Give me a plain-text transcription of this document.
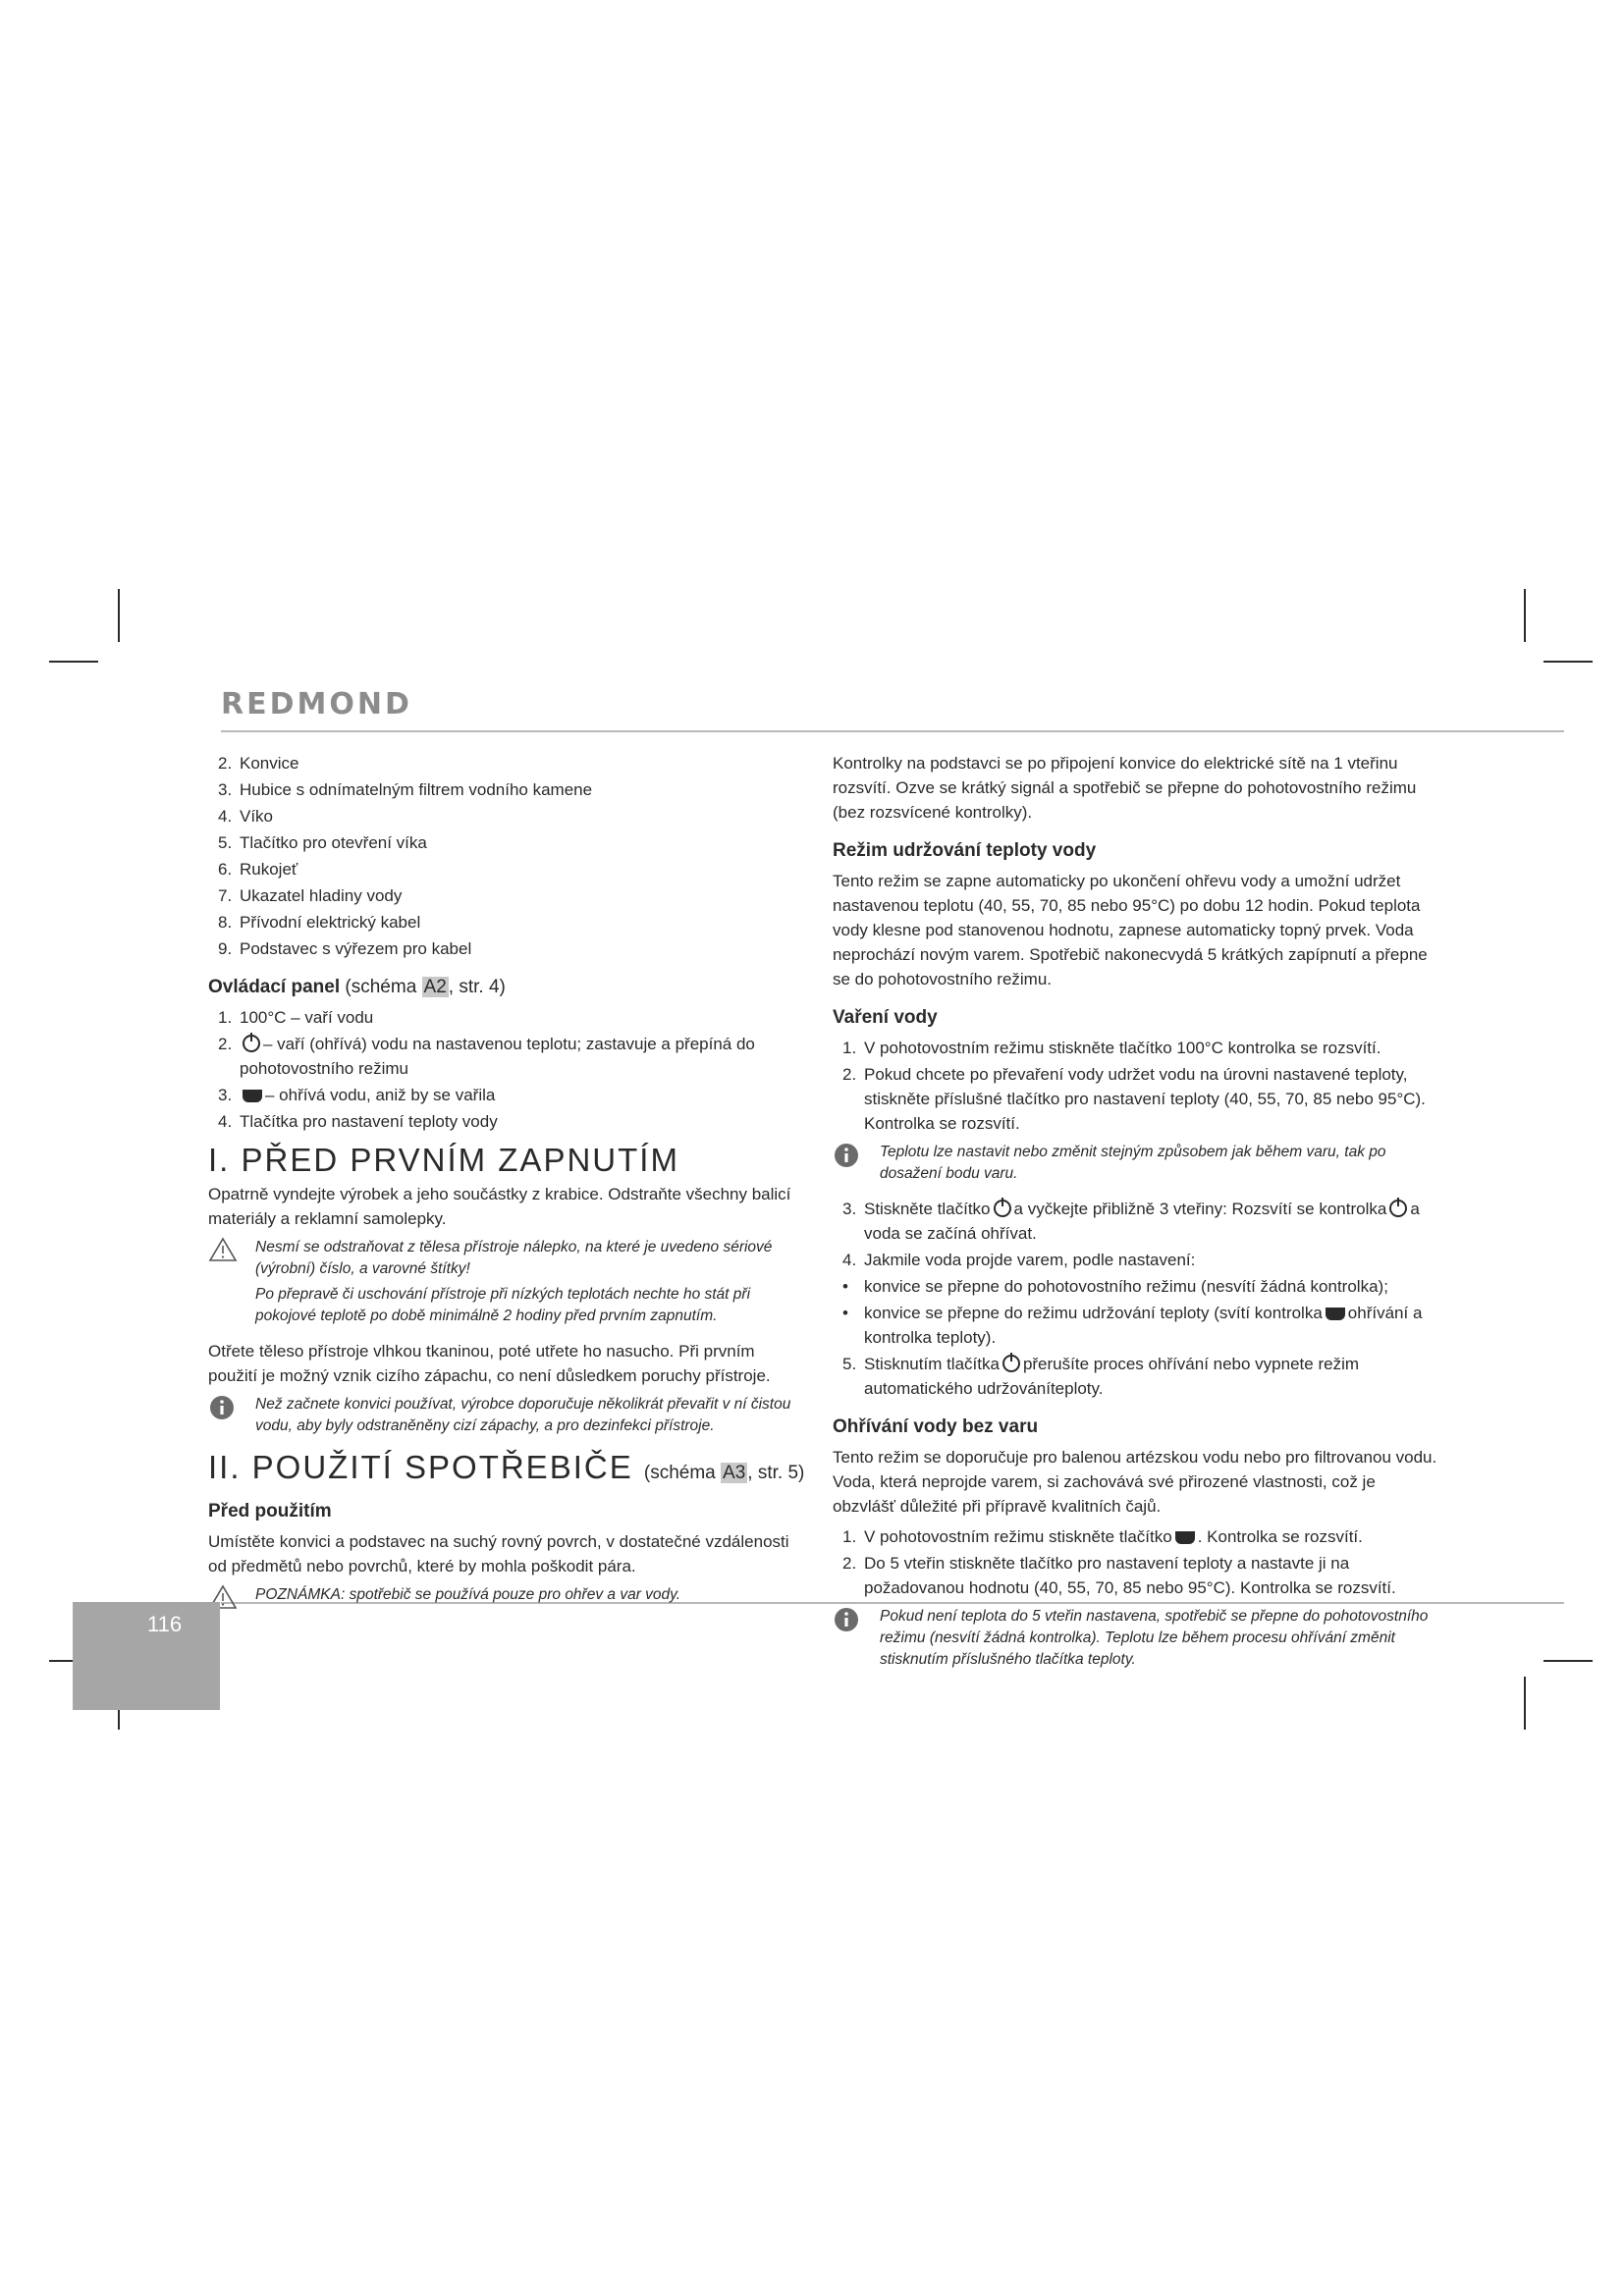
REDMOND
2. Konvice
3. Hubice s odnímatelným filtrem vodního kamene
4. Víko
5. Tlačítko pro otevření víka
6. Rukojeť
7. Ukazatel hladiny vody
8. Přívodní elektrický kabel
9. Podstavec s výřezem pro kabel
Ovládací panel (schéma A2 , str. 4)
1. 100°C – vaří vodu
2.	– vaří (ohřívá) vodu na nastavenou teplotu; zastavuje a přepíná do pohotovostního režimu
3.	– ohřívá vodu, aniž by se vařila
4. Tlačítka pro nastavení teploty vody
I. PŘED PRVNÍM ZAPNUTÍM

Opatrně vyndejte výrobek a jeho součástky z krabice. Odstraňte všechny balicí materiály a reklamní samolepky.

Nesmí se odstraňovat z tělesa přístroje nálepko, na které je uvedeno sériové (výrobní) číslo, a varovné štítky!

Po přepravě či uschování přístroje při nízkých teplotách nechte ho stát při pokojové teplotě po době minimálně 2 hodiny před prvním zapnutím.

Otřete těleso přístroje vlhkou tkaninou, poté utřete ho nasucho. Při prvním použití je možný vznik cizího zápachu, co není důsledkem poruchy přístroje.

Než začnete konvici používat, výrobce doporučuje několikrát převařit v ní čistou vodu, aby byly odstraněněny cizí zápachy, a pro dezinfekci přístroje.

II. POUŽITÍ SPOTŘEBIČE (schéma A3 , str. 5)
Před použitím

Umístěte konvici a podstavec na suchý rovný povrch, v dostatečné vzdálenosti od předmětů nebo povrchů, které by mohla poškodit pára.

POZNÁMKA: spotřebič se používá pouze pro ohřev a var vody.

Kontrolky na podstavci se po připojení konvice do elektrické sítě na 1 vteřinu rozsvítí. Ozve se krátký signál a spotřebič se přepne do pohotovostního režimu (bez rozsvícené kontrolky).

Režim udržování teploty vody

Tento režim se zapne automaticky po ukončení ohřevu vody a umožní udržet nastavenou teplotu (40, 55, 70, 85 nebo 95°C) po dobu 12 hodin. Pokud teplota vody klesne pod stanovenou hodnotu, zapnese automaticky topný prvek. Voda neprochází novým varem. Spotřebič nakonecvydá 5 krátkých zapípnutí a přepne se do pohotovostního režimu.

Vaření vody
1. V pohotovostním režimu stiskněte tlačítko 100°C kontrolka se rozsvítí.
2. Pokud chcete po převaření vody udržet vodu na úrovni nastavené teploty, stiskněte příslušné tlačítko pro nastavení teploty (40, 55, 70, 85 nebo 95°C). Kontrolka se rozsvítí.

Teplotu lze nastavit nebo změnit stejným způsobem jak během varu, tak po dosažení bodu varu.

3. Stiskněte tlačítko a vyčkejte přibližně 3 vteřiny: Rozsvítí se kontrolka a voda se začíná ohřívat.
4. Jakmile voda projde varem, podle nastavení:
• konvice se přepne do pohotovostního režimu (nesvítí žádná kontrolka);
• konvice se přepne do režimu udržování teploty (svítí kontrolka ohřívání a kontrolka teploty).
5. Stisknutím tlačítka přerušíte proces ohřívání nebo vypnete režim automatického udržováníteploty.
Ohřívání vody bez varu

Tento režim se doporučuje pro balenou artézskou vodu nebo pro filtrovanou vodu. Voda, která neprojde varem, si zachovává své přirozené vlastnosti, což je obzvlášť důležité při přípravě kvalitních čajů.

1. V pohotovostním režimu stiskněte tlačítko . Kontrolka se rozsvítí.
2. Do 5 vteřin stiskněte tlačítko pro nastavení teploty a nastavte ji na požadovanou hodnotu (40, 55, 70, 85 nebo 95°C). Kontrolka se rozsvítí.

Pokud není teplota do 5 vteřin nastavena, spotřebič se přepne do pohotovostního režimu (nesvítí žádná kontrolka). Teplotu lze během procesu ohřívání změnit stisknutím příslušného tlačítka teploty.

116
